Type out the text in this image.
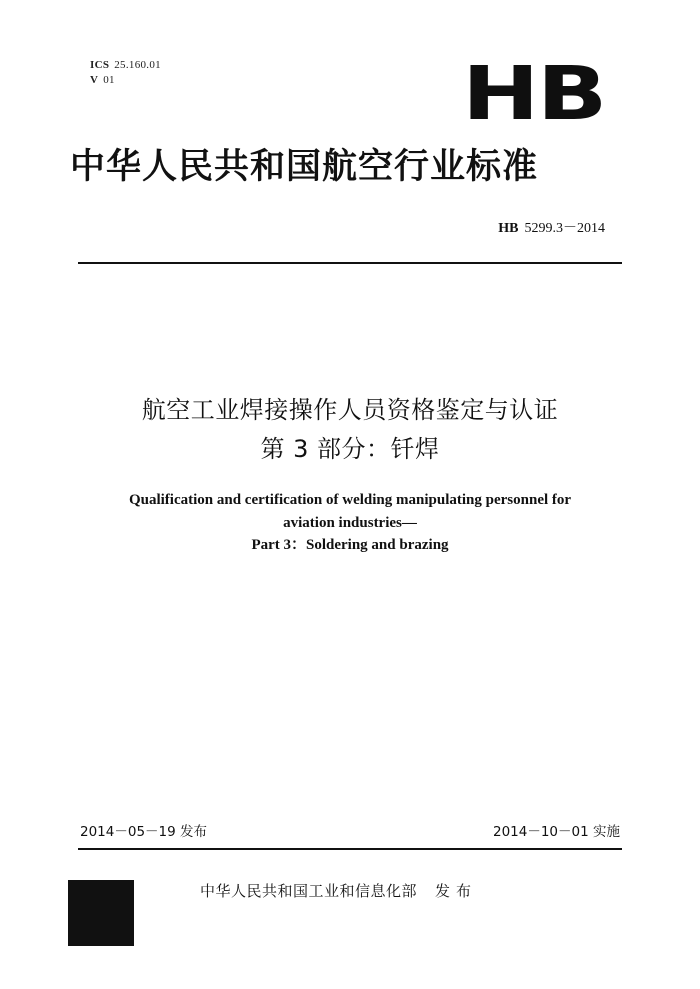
ICS 25.160.01
V 01	HB
中华人民共和国航空行业标准
HB 5299.3－2014
航空工业焊接操作人员资格鉴定与认证
第 3 部分：钎焊
Qualification and certification of welding manipulating personnel for
aviation industries—
Part 3：Soldering and brazing
2014－05－19 发布	2014－10－01 实施
中华人民共和国工业和信息化部 发布
